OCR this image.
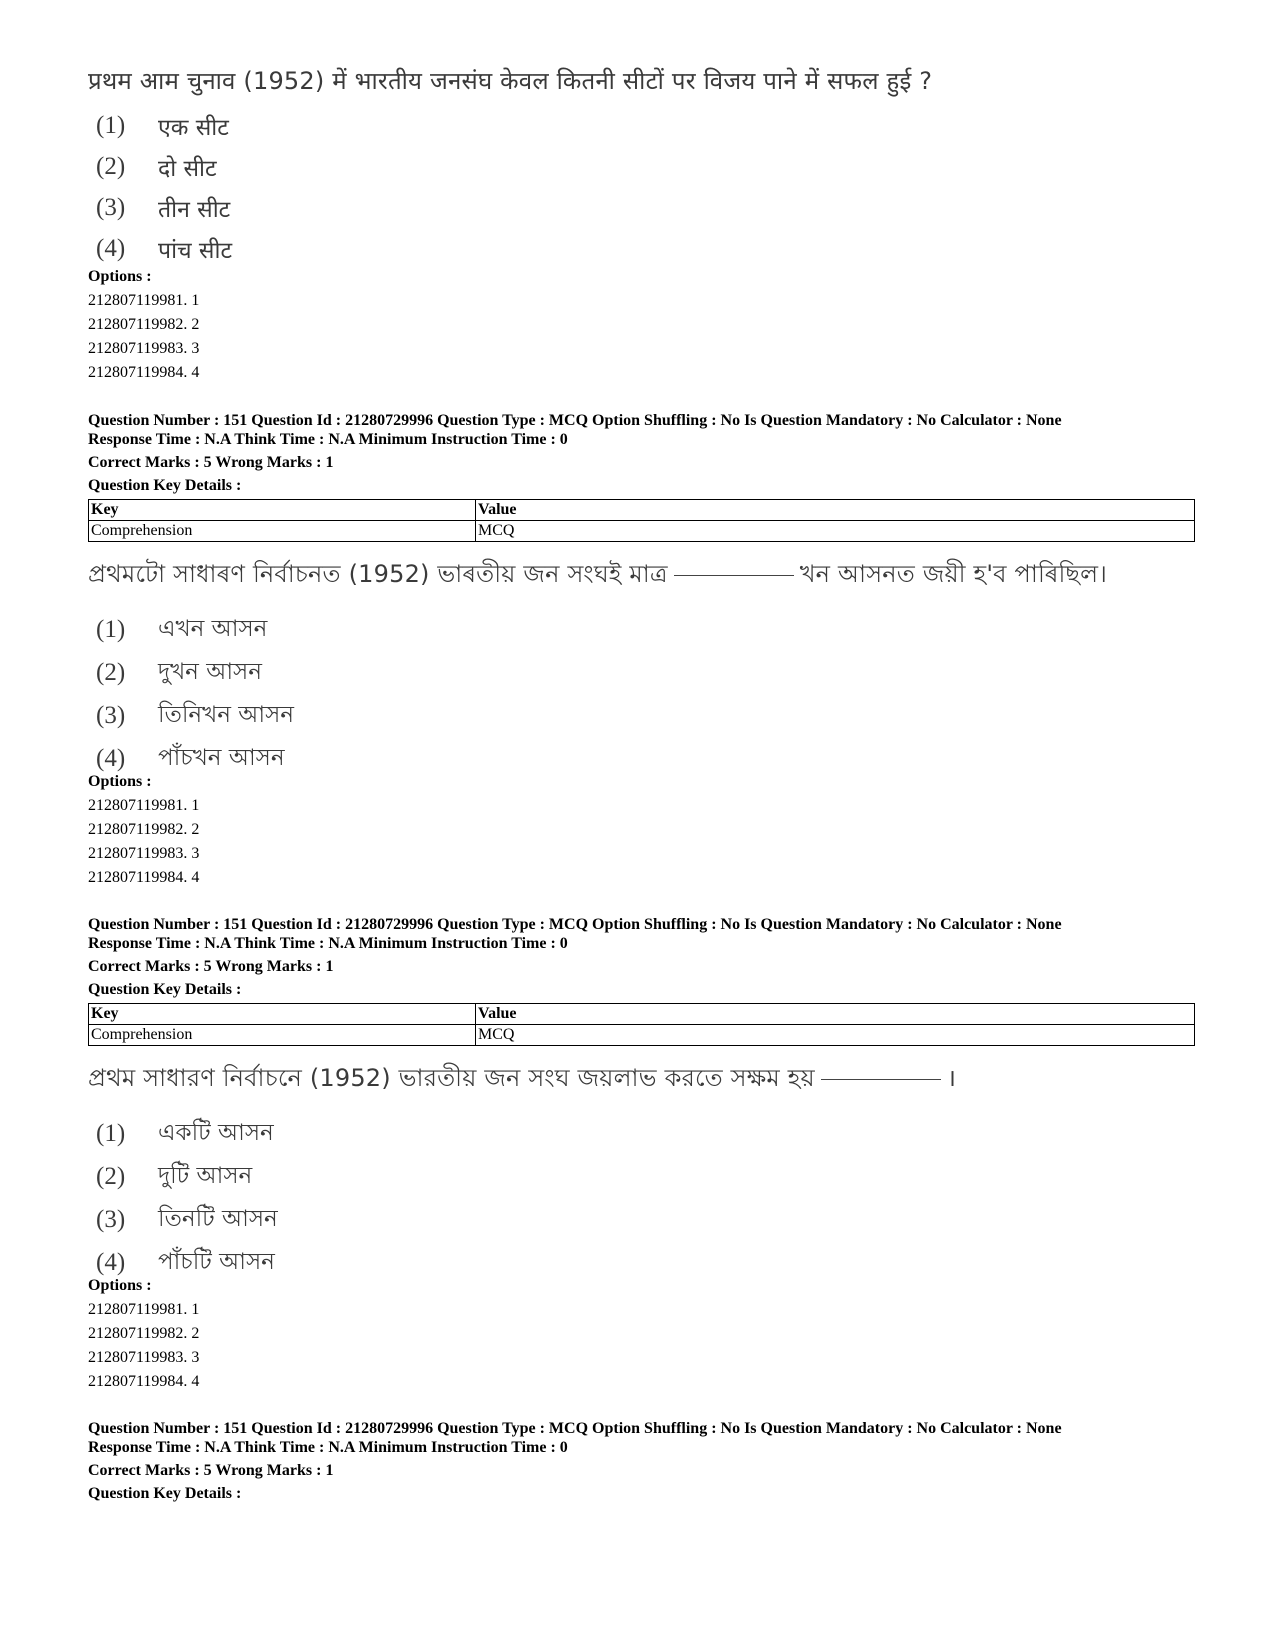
प्रथम आम चुनाव (1952) में भारतीय जनसंघ केवल कितनी सीटों पर विजय पाने में सफल हुई ?
(1)	एक सीट
(2)	दो सीट
(3)	तीन सीट
(4)	पांच सीट
Options :
212807119981. 1
212807119982. 2
212807119983. 3
212807119984. 4
Question Number : 151 Question Id : 21280729996 Question Type : MCQ Option Shuffling : No Is Question Mandatory : No Calculator : None
Response Time : N.A Think Time : N.A Minimum Instruction Time : 0
Correct Marks : 5 Wrong Marks : 1
Question Key Details :
Key	Value
Comprehension	MCQ
প্ৰথমটো সাধাৰণ নিৰ্বাচনত (1952) ভাৰতীয় জন সংঘই মাত্ৰ	খন আসনত জয়ী হ'ব পাৰিছিল।
(1)	এখন আসন
(2)	দুখন আসন
(3)	তিনিখন আসন
(4)	পাঁচখন আসন
Options :
212807119981. 1
212807119982. 2
212807119983. 3
212807119984. 4
Question Number : 151 Question Id : 21280729996 Question Type : MCQ Option Shuffling : No Is Question Mandatory : No Calculator : None
Response Time : N.A Think Time : N.A Minimum Instruction Time : 0
Correct Marks : 5 Wrong Marks : 1
Question Key Details :
Key	Value
Comprehension	MCQ
প্রথম সাধারণ নির্বাচনে (1952) ভারতীয় জন সংঘ জয়লাভ করতে সক্ষম হয়	।
(1)	একটি আসন
(2)	দুটি আসন
(3)	তিনটি আসন
(4)	পাঁচটি আসন
Options :
212807119981. 1
212807119982. 2
212807119983. 3
212807119984. 4
Question Number : 151 Question Id : 21280729996 Question Type : MCQ Option Shuffling : No Is Question Mandatory : No Calculator : None
Response Time : N.A Think Time : N.A Minimum Instruction Time : 0
Correct Marks : 5 Wrong Marks : 1
Question Key Details :
